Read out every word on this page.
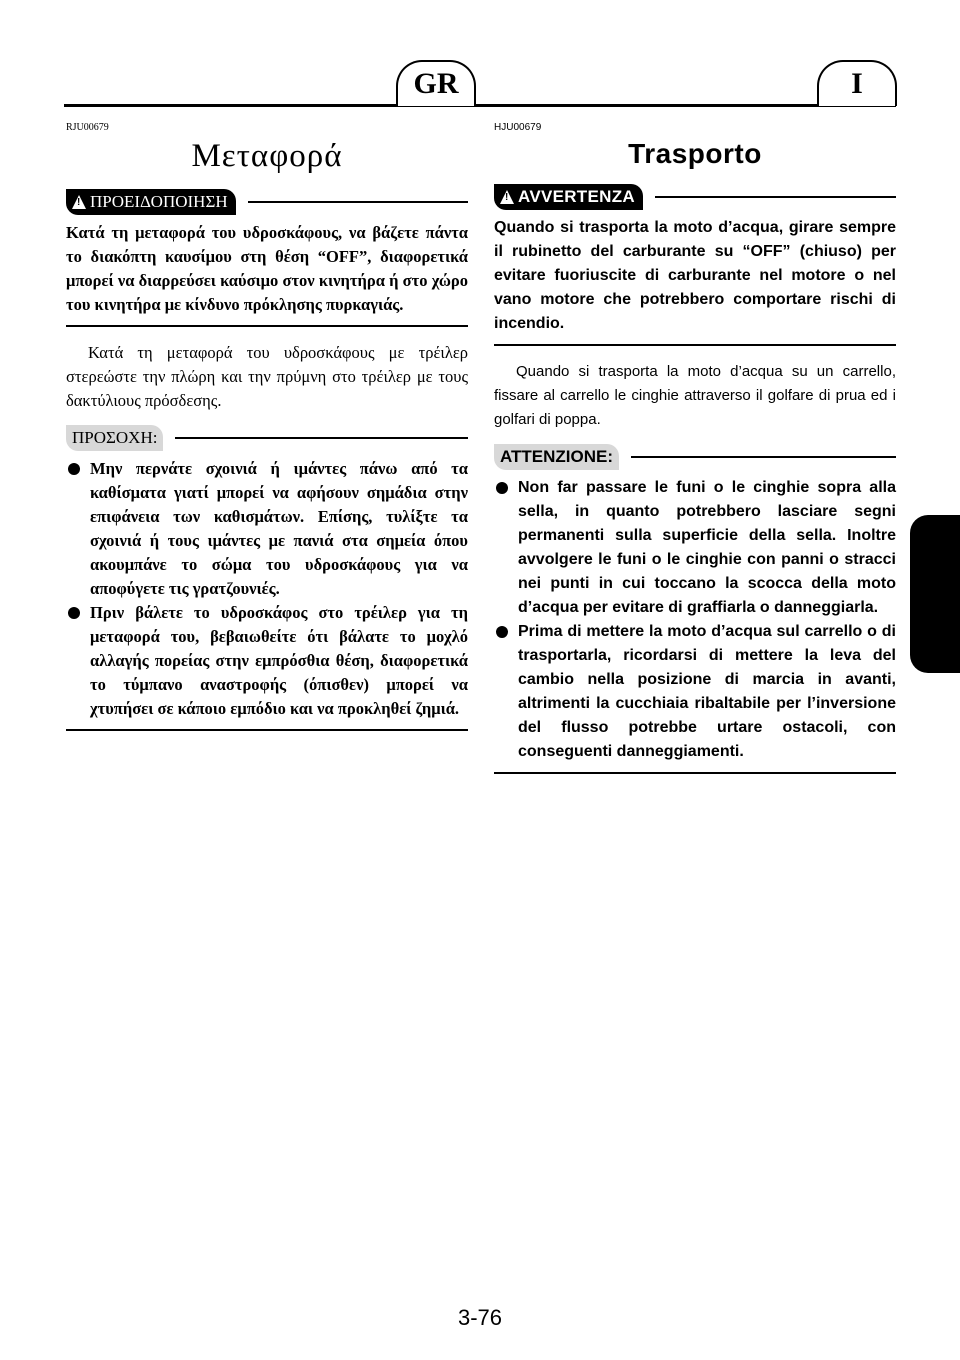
GR	I

RJU00679

Μεταφορά
!
ΠΡΟΕΙΔΟΠΟΙΗΣΗ

Κατά τη μεταφορά του υδροσκάφους, να βάζετε πάντα το διακόπτη καυσίμου στη θέση “OFF”, διαφορετικά μπορεί να διαρρεύσει καύσιμο στον κινητήρα ή στο χώρο του κινητήρα με κίνδυνο πρόκλησης πυρκαγιάς.

Κατά τη μεταφορά του υδροσκάφους με τρέιλερ στερεώστε την πλώρη και την πρύμνη στο τρέιλερ με τους δακτύλιους πρόσδεσης.

ΠΡΟΣΟΧΗ:
Μην περνάτε σχοινιά ή ιμάντες πάνω από τα καθίσματα γιατί μπορεί να αφήσουν σημάδια στην επιφάνεια των καθισμάτων. Επίσης, τυλίξτε τα σχοινιά ή τους ιμάντες με πανιά στα σημεία όπου ακουμπάνε το σώμα του υδροσκάφους για να αποφύγετε τις γρατζουνιές.
Πριν βάλετε το υδροσκάφος στο τρέιλερ για τη μεταφορά του, βεβαιωθείτε ότι βάλατε το μοχλό αλλαγής πορείας στην εμπρόσθια θέση, διαφορετικά το τύμπανο αναστροφής (όπισθεν) μπορεί να χτυπήσει σε κάποιο εμπόδιο και να προκληθεί ζημιά.

HJU00679

Trasporto
!
AVVERTENZA

Quando si trasporta la moto d’acqua, girare sempre il rubinetto del carburante su “OFF” (chiuso) per evitare fuoriuscite di carburante nel motore o nel vano motore che potrebbero comportare rischi di incendio.

Quando si trasporta la moto d’acqua su un carrello, fissare al carrello le cinghie attraverso il golfare di prua ed i golfari di poppa.

ATTENZIONE:
Non far passare le funi o le cinghie sopra alla sella, in quanto potrebbero lasciare segni permanenti sulla superficie della sella. Inoltre avvolgere le funi o le cinghie con panni o stracci nei punti in cui toccano la scocca della moto d’acqua per evitare di graffiarla o danneggiarla.
Prima di mettere la moto d’acqua sul carrello o di trasportarla, ricordarsi di mettere la leva del cambio nella posizione di marcia in avanti, altrimenti la cucchiaia ribaltabile per l’inversione del flusso potrebbe urtare ostacoli, con conseguenti danneggiamenti.
3-76
